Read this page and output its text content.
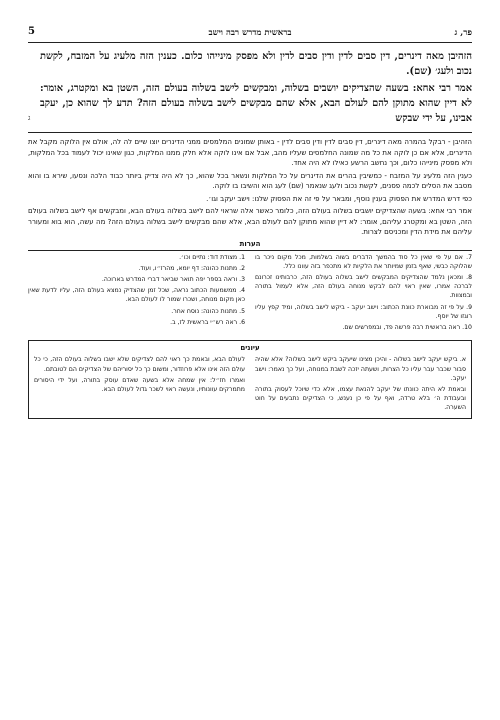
פר, ג
בראשית מדרש רבה וישב
5
ג

הזהיבן מאה דינרים, דין סבים לדין ודין סבים לדין ולא מפסק מינייהו כלום. כענין הזה מלעיג על המזבח, לקשת נכוב ולעג׳ (שם).

אמר רבי אחא: בשעה שהצדיקים יושבים בשלוה, ומבקשים לישב בשלוה בעולם הזה, השטן בא ומקטרג, אומר: לא דיין שהוא מתוקן להם לעולם הבא, אלא שהם מבקשים לישב בשלוה בעולם הזה? תדע לך שהוא כן, יעקב אבינו, על ידי שבקש

הזהיבן - רבקל בהמרה מאה דינרים, דין סבים לדין ודין סבים לדין - באותן שמונים המלמסים ממני הדינרים יוצו שיים לה לה, אולם אין הלוקה מקבל את הדינרים, אלא אם כן לוקה את כל מה שמונה החלמסים שעליו מהב, אבל אם אינו לוקה אלא חלק ממנו המלקות, כגון שאינו יכול לעמוד בכל המלקות, ולא מפסק מינייהו כלום, וכך נחשב הרשע כאילו לא היה אחד.

כענין הזה מלעיג על המזבח - כמשיבין בהרים את הדינרים על כל המלקות ונשאר בכל שהוא, כך לא היה צדיק ביותר כבוד הלכה ונסעו, שירא בו והוא מסבב את הסלים לכמה פסנים, לקשת נכוב ולעג שנאמר (שם) לעג הוא והשיבו בו לוקה.

כפי דרש המדרש את הפסוק בענין נוסף, ומבאר על פי זה את הפסוק שלנו: וישב יעקב וגו׳.

אמר רבי אחא: בשעה שהצדיקים יושבים בשלוה בעולם הזה, כלומר כאשר אלה שראוי להם לישב בשלוה בעולם הבא, ומבקשים אף לישב בשלוה בעולם הזה, השטן בא ומקטרג עליהם, אומר: לא דיין שהוא מתוקן להם לעולם הבא, אלא שהם מבקשים לישב בשלוה בעולם הזה? מה עשה, הוא בוא ומעורר עליהם את מידת הדין ומכניסם לצרות.

הערות

7. אם על פי שאין כל סוד בהמשך הדברים בשוה בשלמות, מכל מקום ניכר בו שהלוקה כבשי, שאף בזמן שמיותר את הלקיות לא מתכפר בזה עוונו כלל.

8. ומכאן נלמד שהצדיקים המבקשים לישב בשלוה בעולם הזה, כרבותינו זכרונם לברכה אמרו, שאין ראוי להם לבקש מנוחה בעולם הזה, אלא לעמול בתורה ובמצוות.

9. על פי זה מבוארת כוונת הכתוב: וישב יעקב - ביקש לישב בשלוה, ומיד קפץ עליו רוגזו של יוסף.

10. ראה בראשית רבה פרשה פד, ובמפרשים שם.

1. מצודת דוד: נתיים וכו׳.

2. מתנות כהונה: דף יומא, מהרז״ו, ועוד.

3. וראה בספר יפה תואר שביאר דברי המדרש בארוכה.

4. ממשמעות הכתוב נראה, שכל זמן שהצדיק נמצא בעולם הזה, עליו לדעת שאין כאן מקום מנוחה, ושכרו שמור לו לעולם הבא.

5. מתנות כהונה: נוסח אחר.

6. ראה רש״י בראשית לז, ב.

עיונים

א. ביקש יעקב לישב בשלוה - והיכן מצינו שיעקב ביקש לישב בשלוה? אלא שהיה סבור שכבר עבר עליו כל הצרות, ושעתה יזכה לשבת במנוחה, ועל כך נאמר: וישב יעקב.

ובאמת לא היתה כוונתו של יעקב להנאת עצמו, אלא כדי שיוכל לעסוק בתורה ובעבודת ה׳ בלא טרדה, ואף על פי כן נענש, כי הצדיקים נתבעים על חוט השערה.

לעולם הבא, ובאמת כך ראוי להם לצדיקים שלא ישבו בשלוה בעולם הזה, כי כל עולם הזה אינו אלא פרוזדור, ומשום כך כל יסוריהם של הצדיקים הם לטובתם.

ואמרו חז״ל: אין שמחה אלא בשעה שאדם עוסק בתורה, ועל ידי היסורים מתמרקים עוונותיו, ונעשה ראוי לשכר גדול לעולם הבא.
